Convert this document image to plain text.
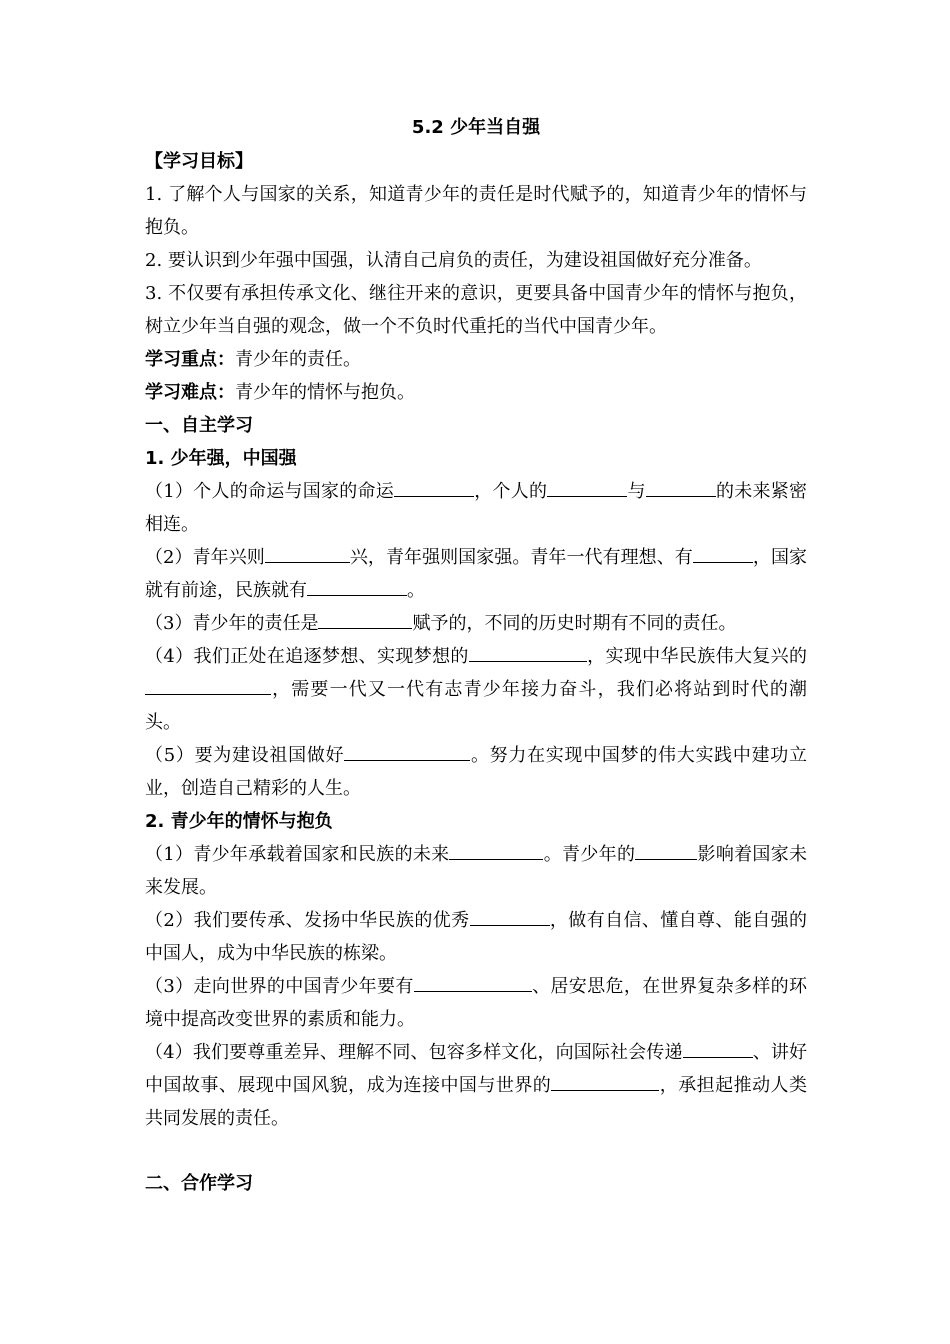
5.2 少年当自强
【学习目标】

1. 了解个人与国家的关系，知道青少年的责任是时代赋予的，知道青少年的情怀与抱负。

2. 要认识到少年强中国强，认清自己肩负的责任，为建设祖国做好充分准备。

3. 不仅要有承担传承文化、继往开来的意识，更要具备中国青少年的情怀与抱负，树立少年当自强的观念，做一个不负时代重托的当代中国青少年。

学习重点：青少年的责任。

学习难点：青少年的情怀与抱负。

一、自主学习
1. 少年强，中国强

（1）个人的命运与国家的命运	，个人的	与	的未来紧密相连。

（2）青年兴则	兴，青年强则国家强。青年一代有理想、有	，国家就有前途，民族就有	。

（3）青少年的责任是	赋予的，不同的历史时期有不同的责任。

（4）我们正处在追逐梦想、实现梦想的	，实现中华民族伟大复兴的，需要一代又一代有志青少年接力奋斗，我们必将站到时代的潮头。

（5）要为建设祖国做好	。努力在实现中国梦的伟大实践中建功立业，创造自己精彩的人生。

2. 青少年的情怀与抱负

（1）青少年承载着国家和民族的未来	。青少年的	影响着国家未来发展。

（2）我们要传承、发扬中华民族的优秀	，做有自信、懂自尊、能自强的中国人，成为中华民族的栋梁。

（3）走向世界的中国青少年要有	、居安思危，在世界复杂多样的环境中提高改变世界的素质和能力。

（4）我们要尊重差异、理解不同、包容多样文化，向国际社会传递	、讲好中国故事、展现中国风貌，成为连接中国与世界的	，承担起推动人类共同发展的责任。

二、合作学习
